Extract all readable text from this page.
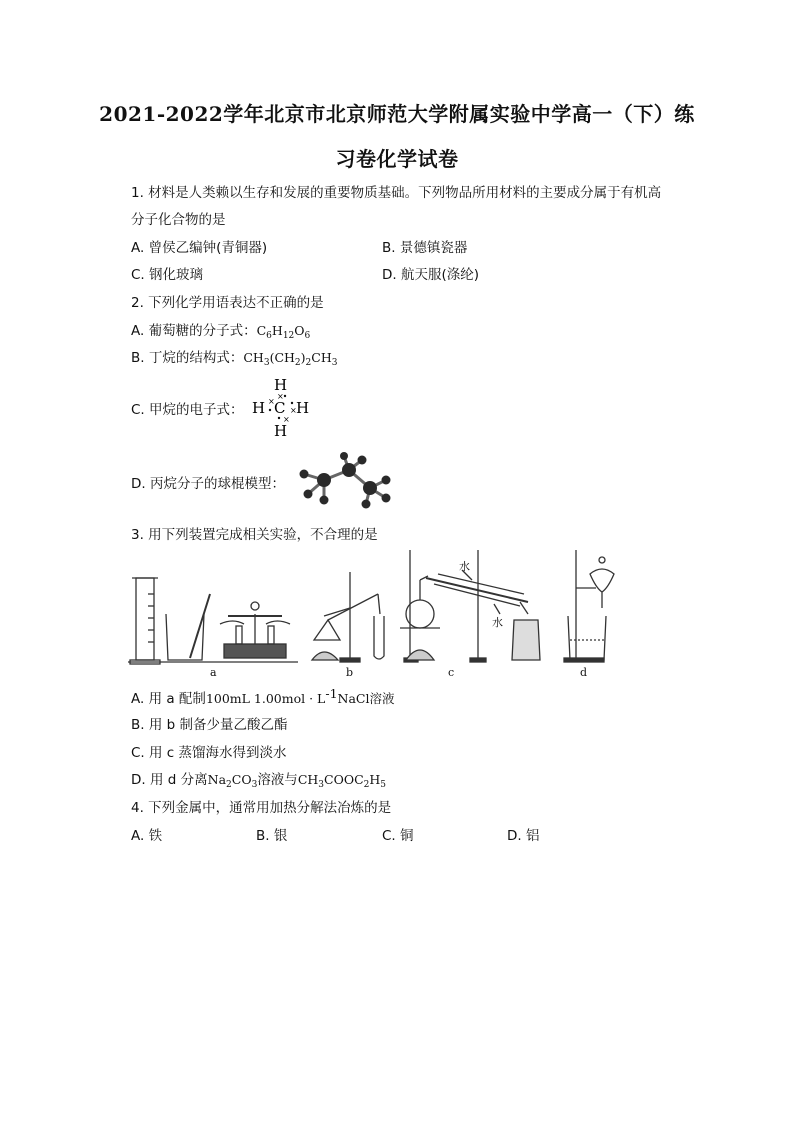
2021-2022学年北京市北京师范大学附属实验中学高一（下）练
习卷化学试卷
1. 材料是人类赖以生存和发展的重要物质基础。下列物品所用材料的主要成分属于有机高
分子化合物的是
A. 曾侯乙编钟(青铜器)	B. 景德镇瓷器
C. 钢化玻璃	D. 航天服(涤纶)
2. 下列化学用语表达不正确的是
A. 葡萄糖的分子式：$C_6H_{12}O_6$
B. 丁烷的结构式：$CH_3(CH_2)_2CH_3$
C. 甲烷的电子式：
H
H C H
H
×
×
×
×
D. 丙烷分子的球棍模型：
3. 用下列装置完成相关实验，不合理的是
a	b	c	d
水
水
A. 用 a 配制100mL $1.00mol \cdot L^{-1}NaCl$溶液
B. 用 b 制备少量乙酸乙酯
C. 用 c 蒸馏海水得到淡水
D. 用 d 分离$Na_2CO_3$溶液与$CH_3COOC_2H_5$
4. 下列金属中，通常用加热分解法冶炼的是
A. 铁	B. 银	C. 铜	D. 铝
